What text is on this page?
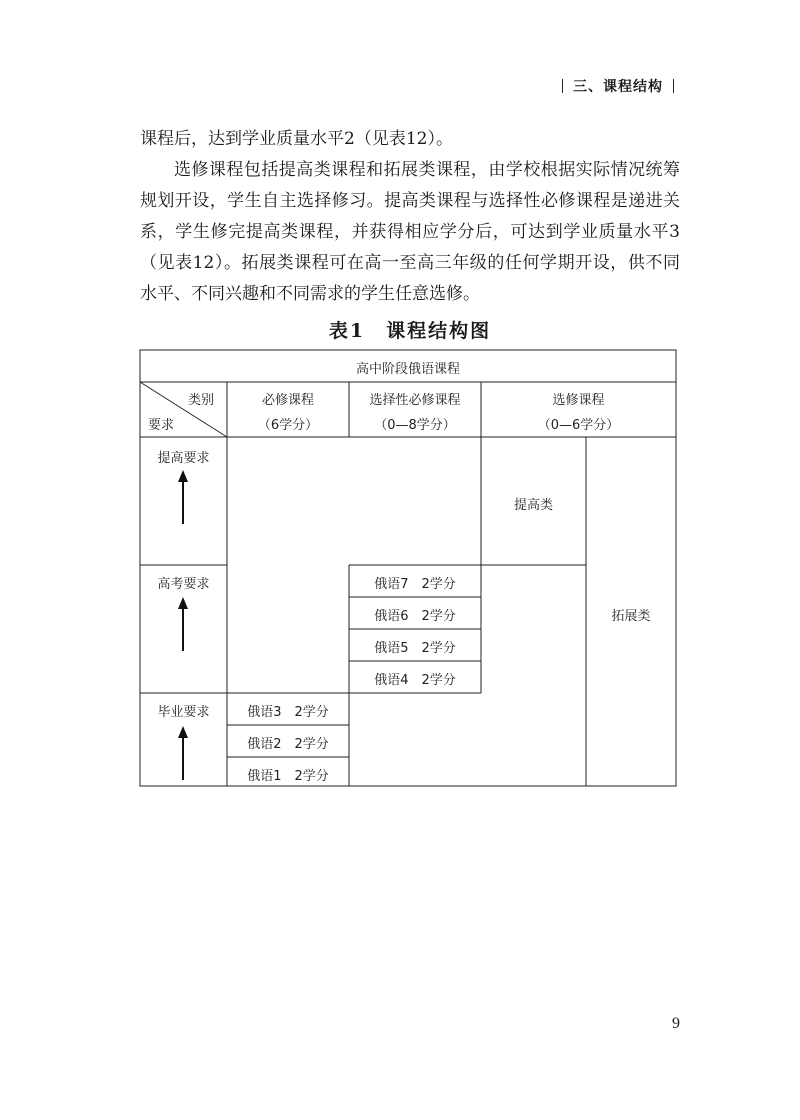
三、课程结构

课程后，达到学业质量水平2（见表12）。

选修课程包括提高类课程和拓展类课程，由学校根据实际情况统筹规划开设，学生自主选择修习。提高类课程与选择性必修课程是递进关系，学生修完提高类课程，并获得相应学分后，可达到学业质量水平3（见表12）。拓展类课程可在高一至高三年级的任何学期开设，供不同水平、不同兴趣和不同需求的学生任意选修。

表1　课程结构图
高中阶段俄语课程
类别
要求
必修课程
（6学分）
选择性必修课程
（0—8学分）
选修课程
（0—6学分）
提高要求
高考要求
毕业要求
提高类
拓展类
俄语7　2学分
俄语6　2学分
俄语5　2学分
俄语4　2学分
俄语3　2学分
俄语2　2学分
俄语1　2学分
9
